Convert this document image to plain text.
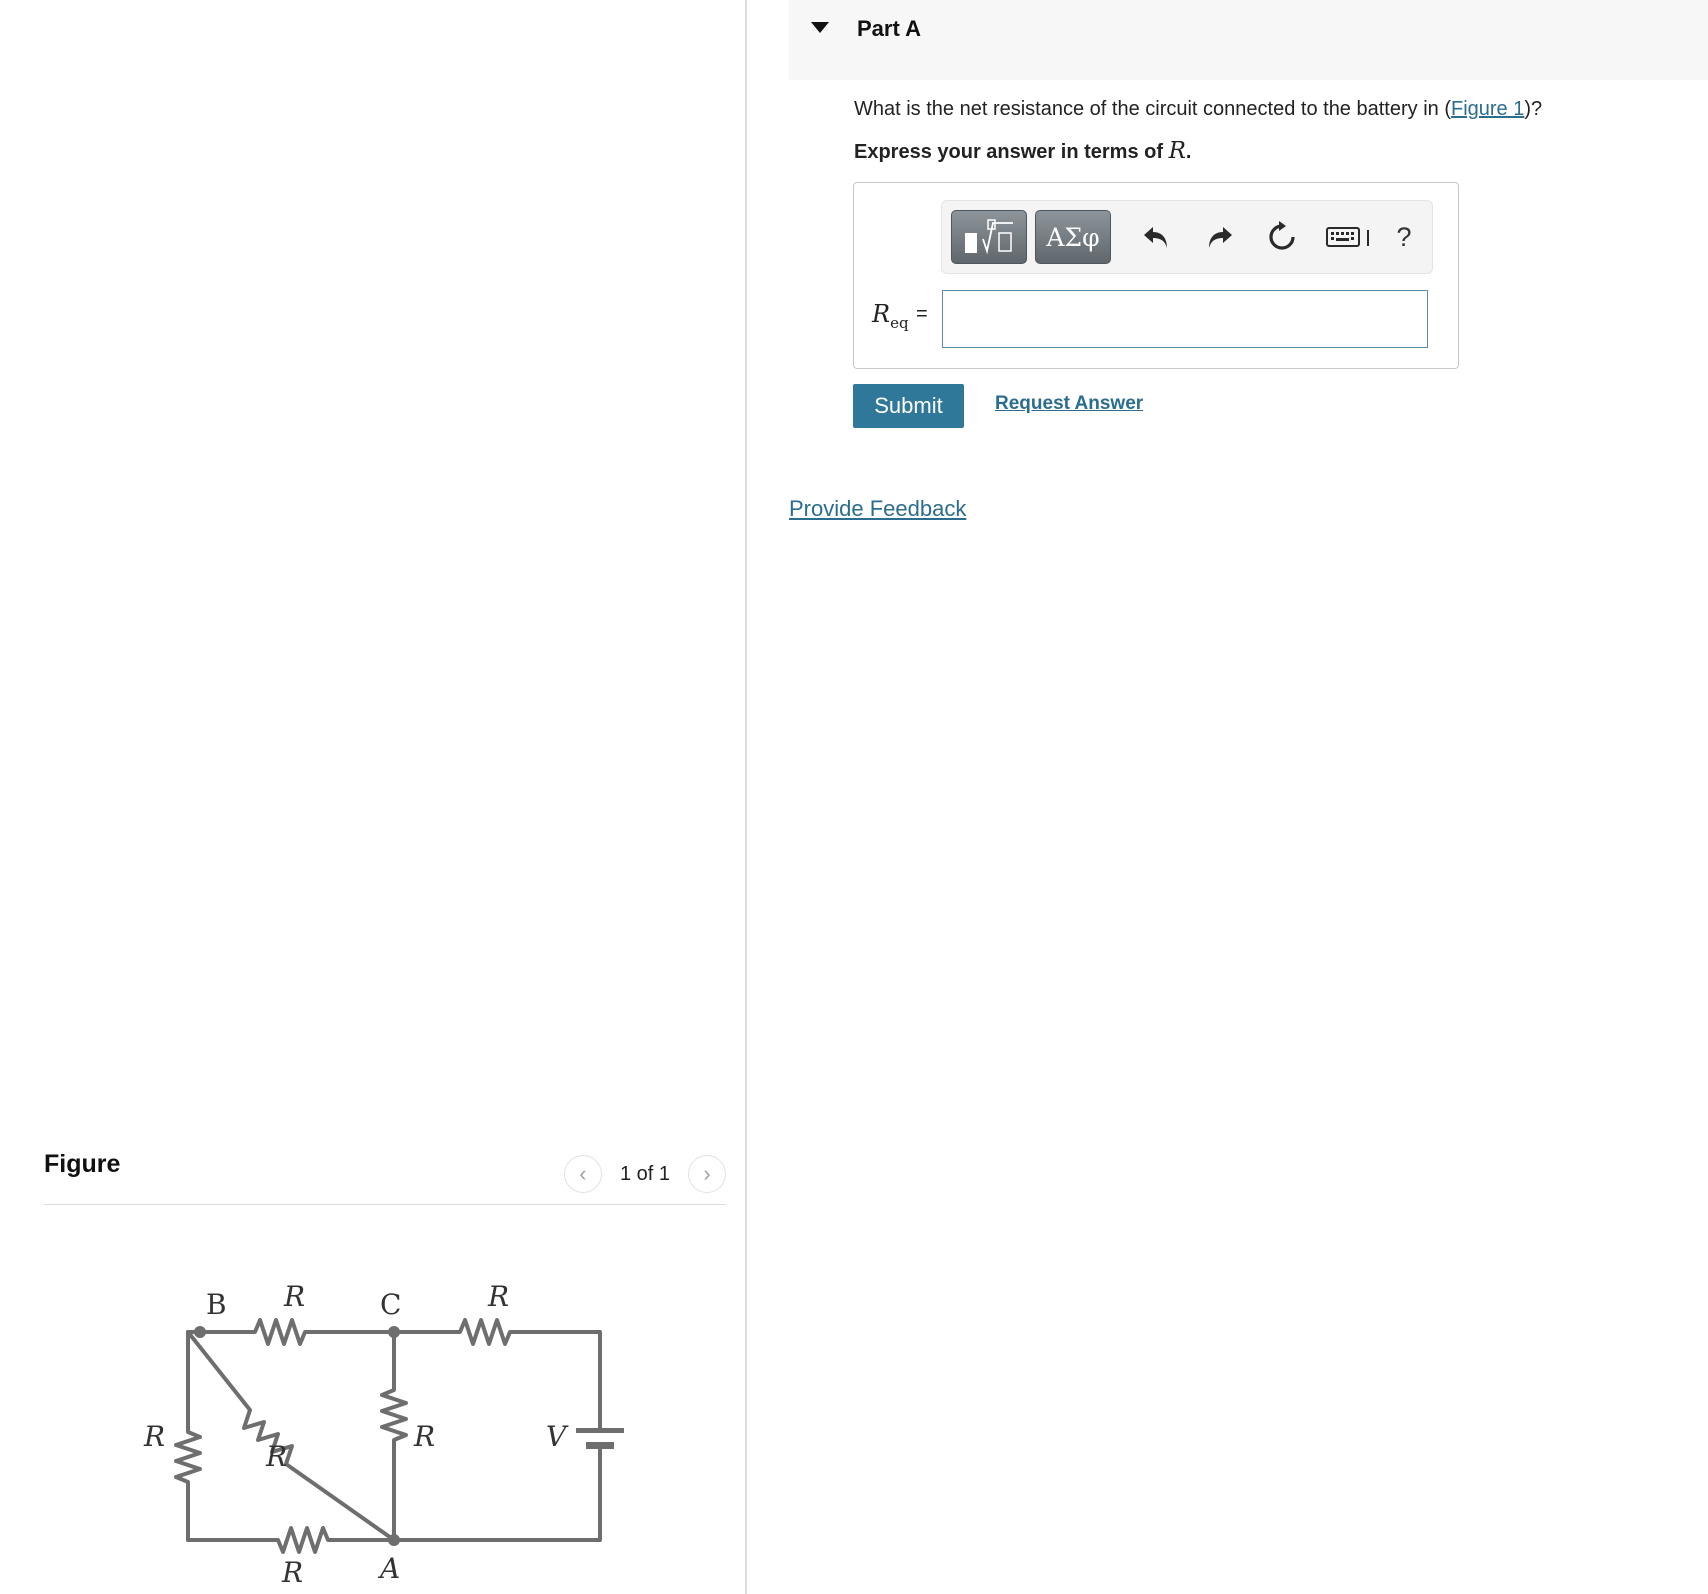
Figure	‹	1 of 1	›
B	C
A
R	R
R
R
R
R
V
Part A
What is the net resistance of the circuit connected to the battery in (Figure 1)?
Express your answer in terms of R.
ΑΣφ	?
$R_{eq}$ =
Submit	Request Answer
Provide Feedback
